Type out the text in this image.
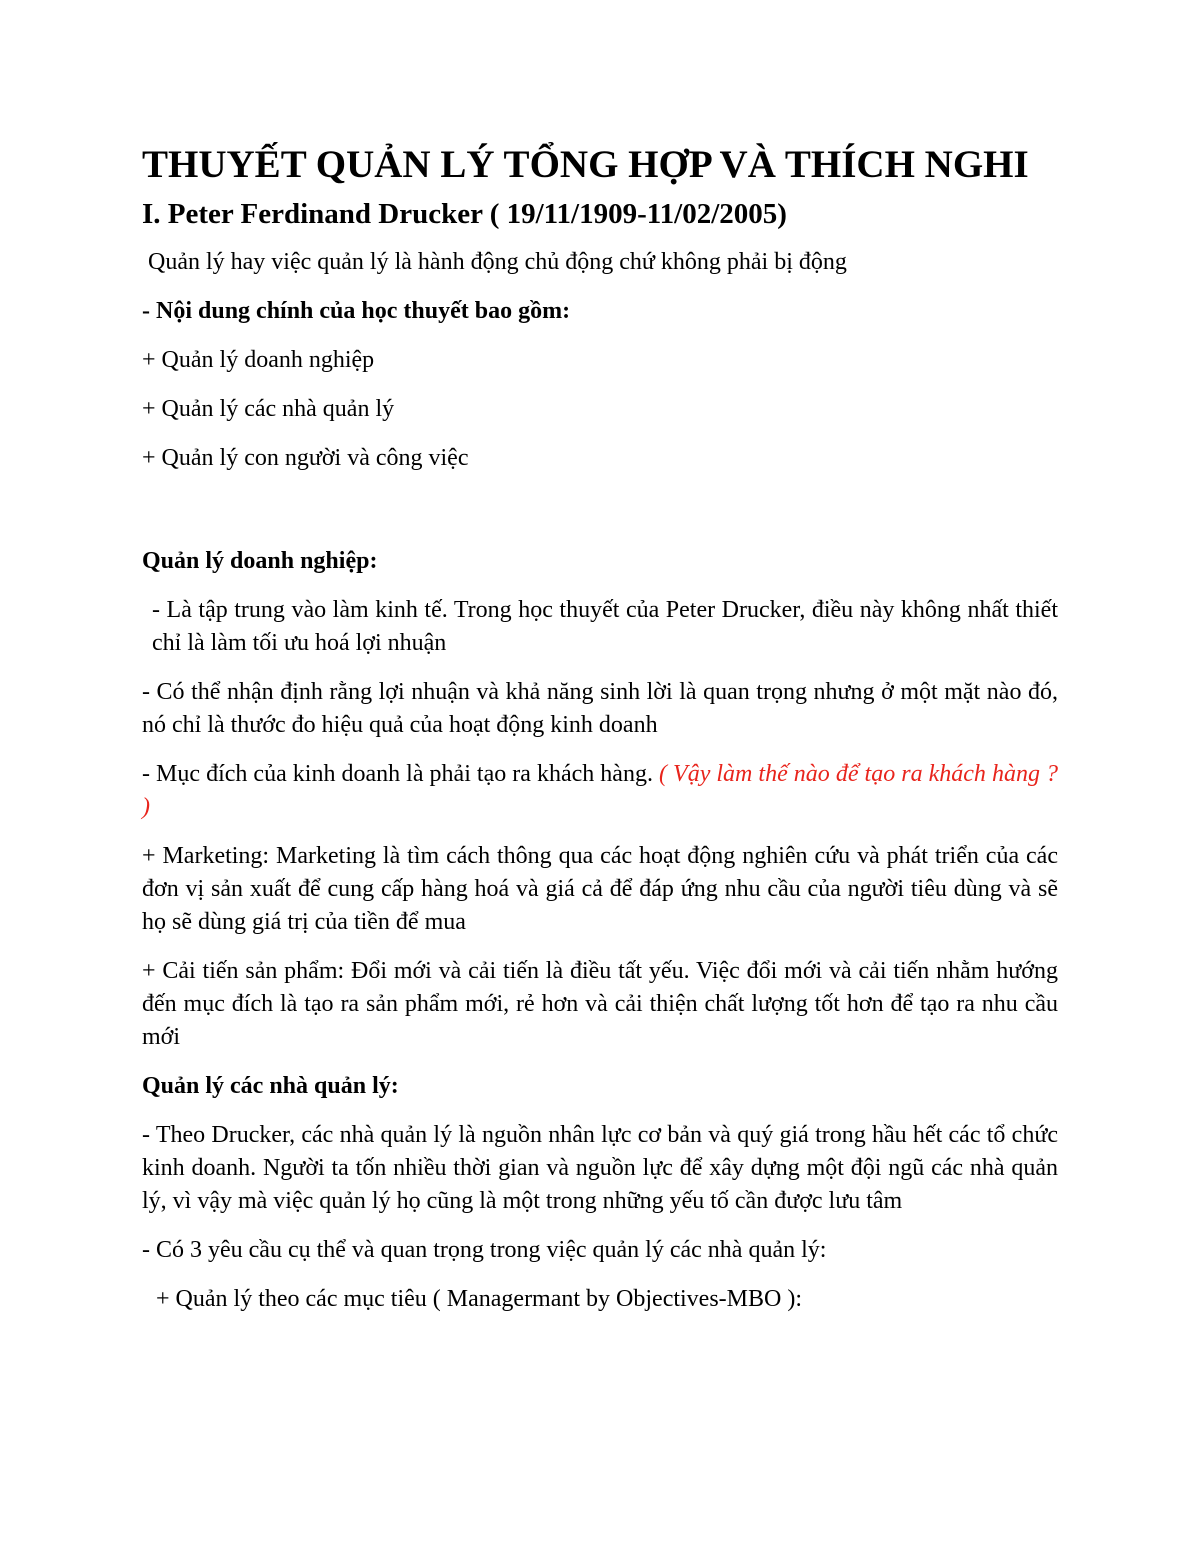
THUYẾT QUẢN LÝ TỔNG HỢP VÀ THÍCH NGHI
I. Peter Ferdinand Drucker ( 19/11/1909-11/02/2005)

Quản lý hay việc quản lý là hành động chủ động chứ không phải bị động

- Nội dung chính của học thuyết bao gồm:

+ Quản lý doanh nghiệp

+ Quản lý các nhà quản lý

+ Quản lý con người và công việc

Quản lý doanh nghiệp:

- Là tập trung vào làm kinh tế. Trong học thuyết của Peter Drucker, điều này không nhất thiết chỉ là làm tối ưu hoá lợi nhuận

- Có thể nhận định rằng lợi nhuận và khả năng sinh lời là quan trọng nhưng ở một mặt nào đó, nó chỉ là thước đo hiệu quả của hoạt động kinh doanh

- Mục đích của kinh doanh là phải tạo ra khách hàng. ( Vậy làm thế nào để tạo ra khách hàng ? )

+ Marketing: Marketing là tìm cách thông qua các hoạt động nghiên cứu và phát triển của các đơn vị sản xuất để cung cấp hàng hoá và giá cả để đáp ứng nhu cầu của người tiêu dùng và sẽ họ sẽ dùng giá trị của tiền để mua

+ Cải tiến sản phẩm: Đổi mới và cải tiến là điều tất yếu. Việc đổi mới và cải tiến nhằm hướng đến mục đích là tạo ra sản phẩm mới, rẻ hơn và cải thiện chất lượng tốt hơn để tạo ra nhu cầu mới

Quản lý các nhà quản lý:

- Theo Drucker, các nhà quản lý là nguồn nhân lực cơ bản và quý giá trong hầu hết các tổ chức kinh doanh. Người ta tốn nhiều thời gian và nguồn lực để xây dựng một đội ngũ các nhà quản lý, vì vậy mà việc quản lý họ cũng là một trong những yếu tố cần được lưu tâm

- Có 3 yêu cầu cụ thể và quan trọng trong việc quản lý các nhà quản lý:

+ Quản lý theo các mục tiêu ( Managermant by Objectives-MBO ):
